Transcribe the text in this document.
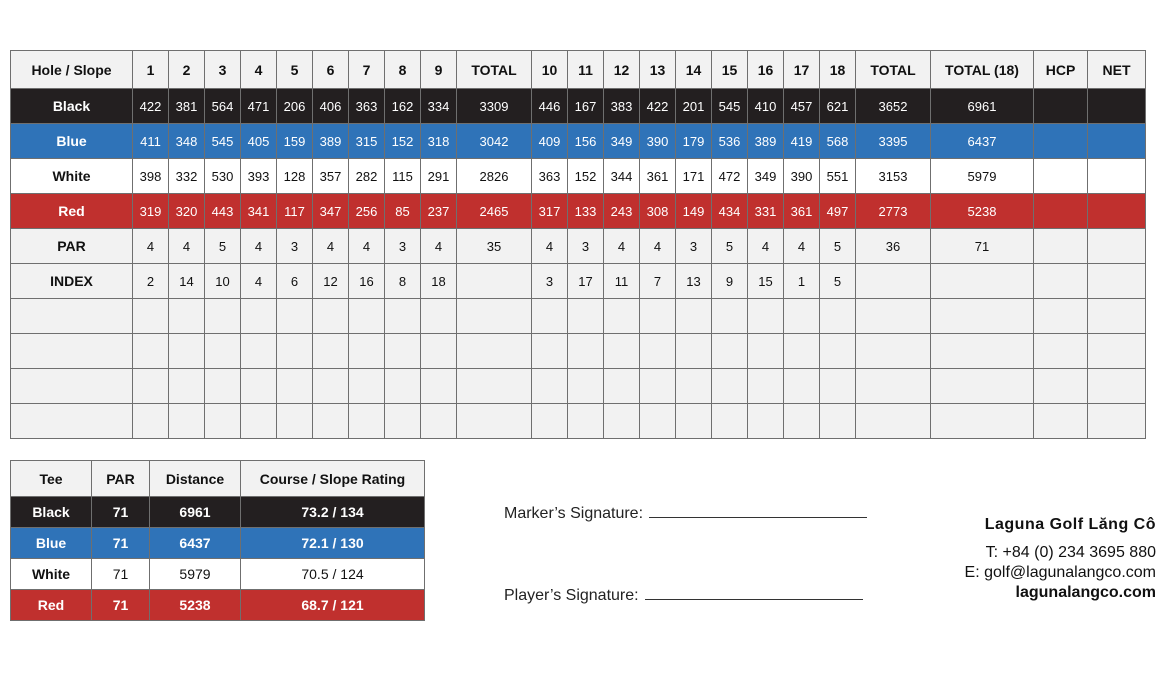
Hole / Slope	1	2	3	4	5	6	7	8	9	TOTAL	10	11	12	13	14	15	16	17	18	TOTAL	TOTAL (18)	HCP	NET
Black	422	381	564	471	206	406	363	162	334	3309	446	167	383	422	201	545	410	457	621	3652	6961		
Blue	411	348	545	405	159	389	315	152	318	3042	409	156	349	390	179	536	389	419	568	3395	6437		
White	398	332	530	393	128	357	282	115	291	2826	363	152	344	361	171	472	349	390	551	3153	5979		
Red	319	320	443	341	117	347	256	85	237	2465	317	133	243	308	149	434	331	361	497	2773	5238		
PAR	4	4	5	4	3	4	4	3	4	35	4	3	4	4	3	5	4	4	5	36	71		
INDEX	2	14	10	4	6	12	16	8	18		3	17	11	7	13	9	15	1	5				

Tee	PAR	Distance	Course / Slope Rating
Black	71	6961	73.2 / 134
Blue	71	6437	72.1 / 130
White	71	5979	70.5 / 124
Red	71	5238	68.7 / 121
Marker’s Signature:
Player’s Signature:
Laguna Golf Lăng Cô
T: +84 (0) 234 3695 880
E: golf@lagunalangco.com
lagunalangco.com
